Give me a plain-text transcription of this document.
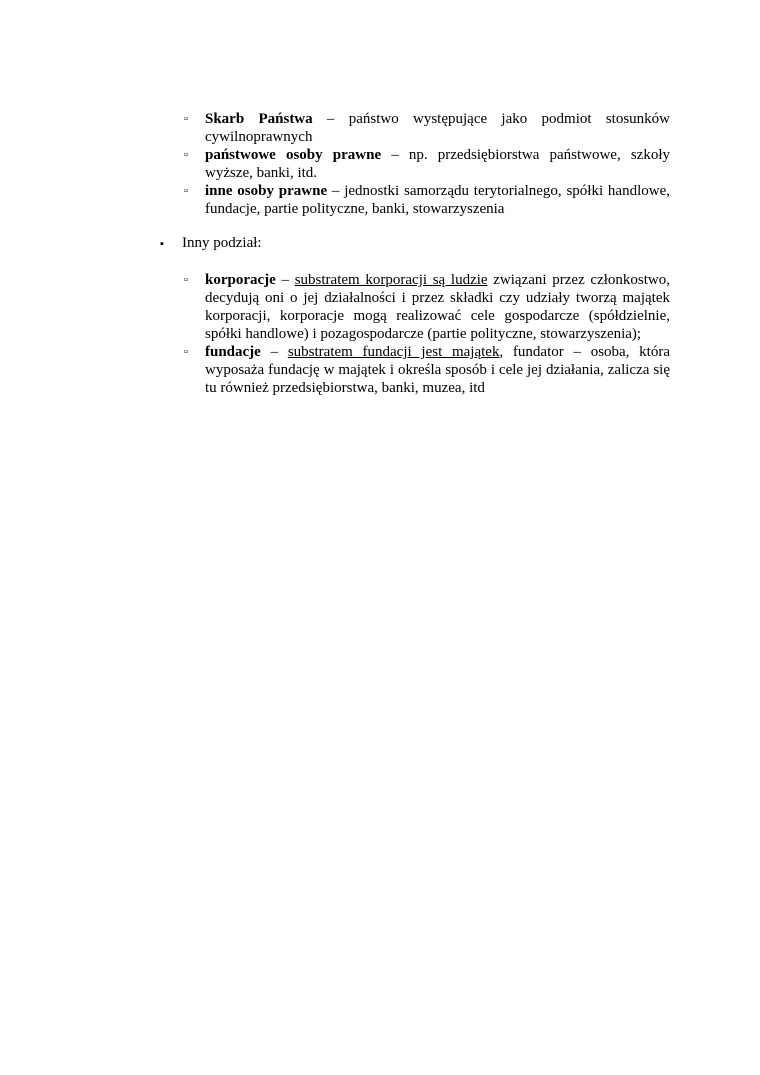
▫ Skarb Państwa – państwo występujące jako podmiot stosunków cywilnoprawnych
▫ państwowe osoby prawne – np. przedsiębiorstwa państwowe, szkoły wyższe, banki, itd.
▫ inne osoby prawne – jednostki samorządu terytorialnego, spółki handlowe, fundacje, partie polityczne, banki, stowarzyszenia
▪ Inny podział:
▫ korporacje – substratem korporacji są ludzie związani przez członkostwo, decydują oni o jej działalności i przez składki czy udziały tworzą majątek korporacji, korporacje mogą realizować cele gospodarcze (spółdzielnie, spółki handlowe) i pozagospodarcze (partie polityczne, stowarzyszenia);
▫ fundacje – substratem fundacji jest majątek, fundator – osoba, która wyposaża fundację w majątek i określa sposób i cele jej działania, zalicza się tu również przedsiębiorstwa, banki, muzea, itd
